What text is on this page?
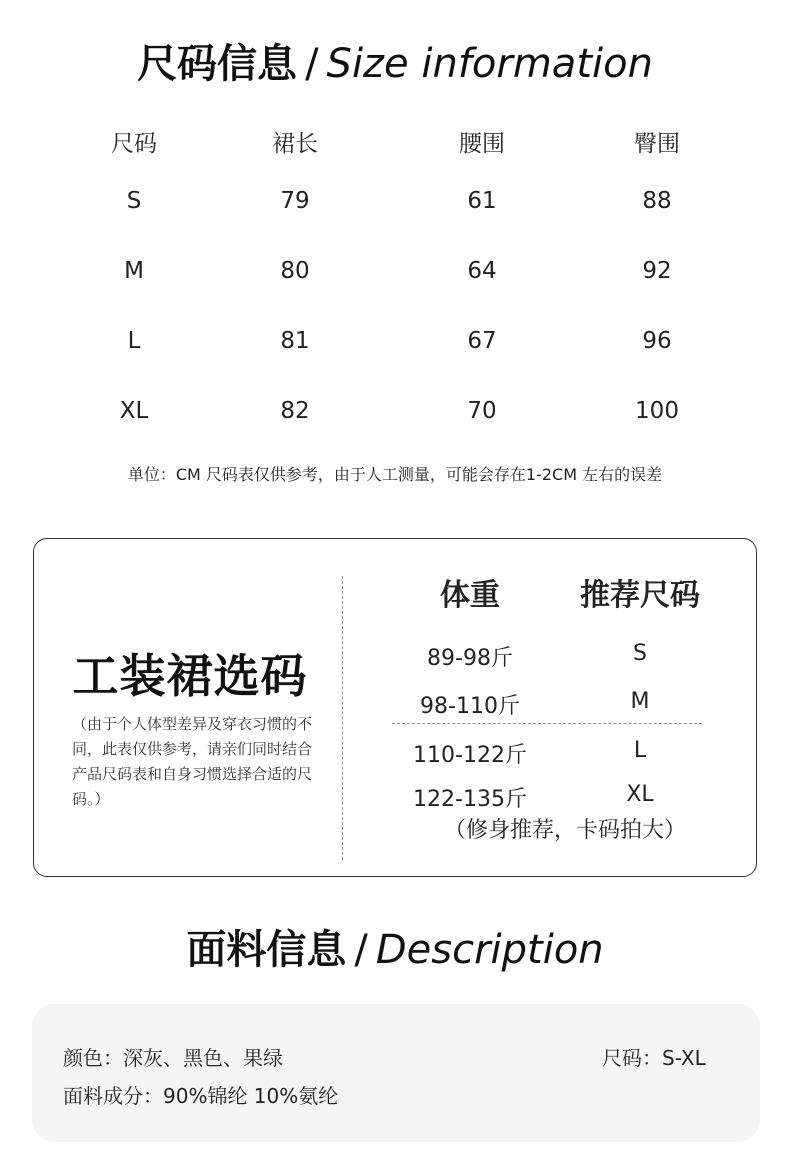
尺码信息 / Size information
尺码	裙长	腰围	臀围
S	79	61	88
M	80	64	92
L	81	67	96
XL	82	70	100
单位：CM 尺码表仅供参考，由于人工测量，可能会存在1-2CM 左右的误差
工装裙选码
（由于个人体型差异及穿衣习惯的不同，此表仅供参考，请亲们同时结合产品尺码表和自身习惯选择合适的尺码。）
体重	推荐尺码
89-98斤	S
98-110斤	M
110-122斤	L
122-135斤	XL
（修身推荐，卡码拍大）
面料信息 / Description
颜色：深灰、黑色、果绿	尺码：S-XL
面料成分：90%锦纶 10%氨纶
